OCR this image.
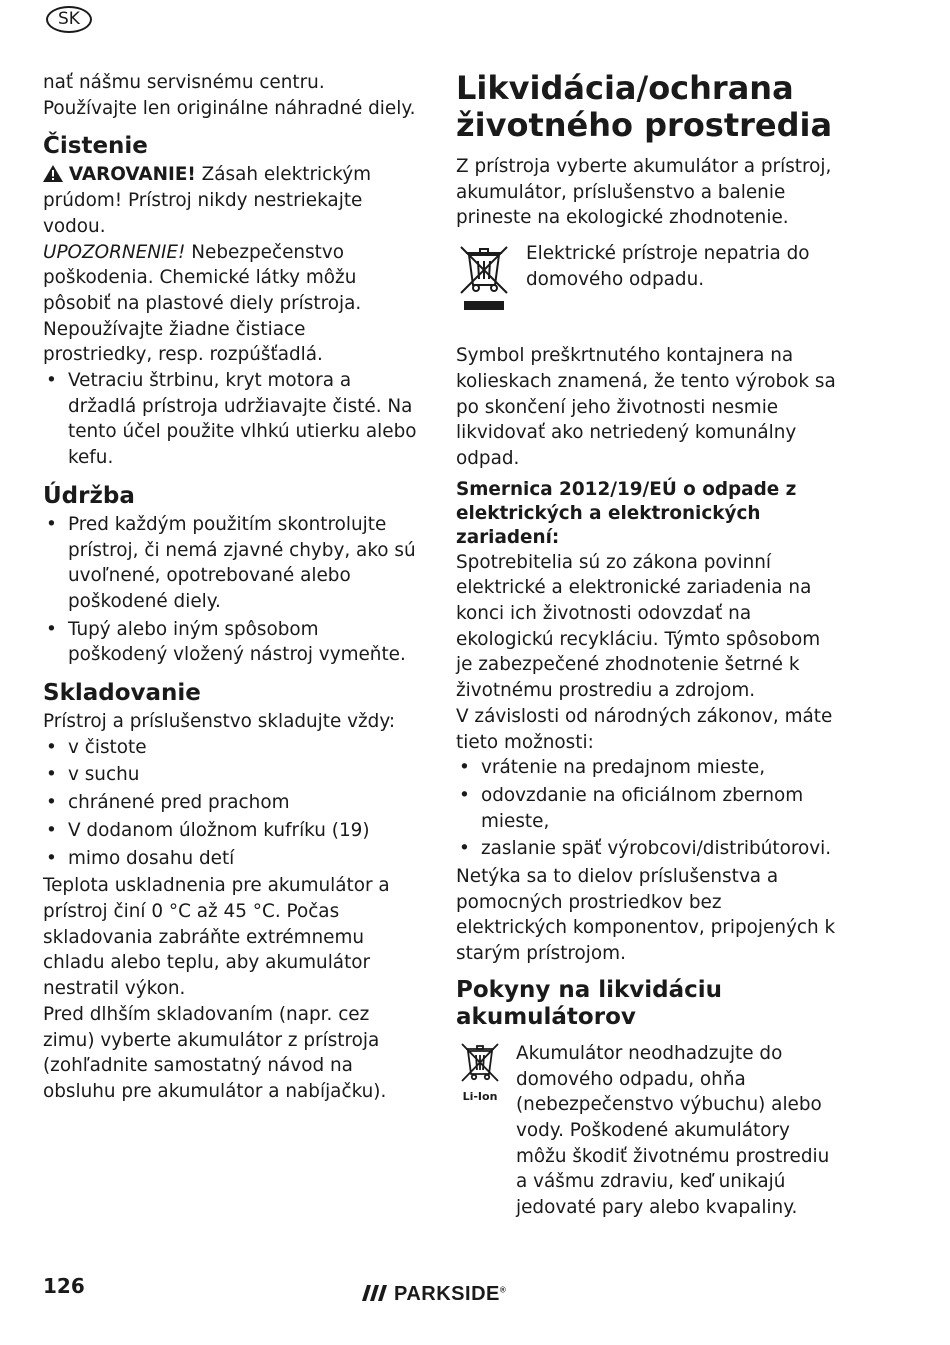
SK

nať nášmu servisnému centru. Používajte len originálne náhradné diely.

Čistenie

VAROVANIE! Zásah elektrickým prúdom! Prístroj nikdy nestriekajte vodou.

UPOZORNENIE! Nebezpečenstvo poškodenia. Chemické látky môžu pôsobiť na plastové diely prístroja. Nepoužívajte žiadne čistiace prostriedky, resp. rozpúšťadlá.

• Vetraciu štrbinu, kryt motora a držadlá prístroja udržiavajte čisté. Na tento účel použite vlhkú utierku alebo kefu.
Údržba
• Pred každým použitím skontrolujte prístroj, či nemá zjavné chyby, ako sú uvoľnené, opotrebované alebo poškodené diely.
• Tupý alebo iným spôsobom poškodený vložený nástroj vymeňte.
Skladovanie

Prístroj a príslušenstvo skladujte vždy:

• v čistote
• v suchu
• chránené pred prachom
• V dodanom úložnom kufríku (19)
• mimo dosahu detí

Teplota uskladnenia pre akumulátor a prístroj činí 0 °C až 45 °C. Počas skladovania zabráňte extrémnemu chladu alebo teplu, aby akumulátor nestratil výkon.

Pred dlhším skladovaním (napr. cez zimu) vyberte akumulátor z prístroja (zohľadnite samostatný návod na obsluhu pre akumulátor a nabíjačku).

Likvidácia/ochrana životného prostredia

Z prístroja vyberte akumulátor a prístroj, akumulátor, príslušenstvo a balenie prineste na ekologické zhodnotenie.

Elektrické prístroje nepatria do domového odpadu.

Symbol preškrtnutého kontajnera na kolieskach znamená, že tento výrobok sa po skončení jeho životnosti nesmie likvidovať ako netriedený komunálny odpad.

Smernica 2012/19/EÚ o odpade z elektrických a elektronických zariadení:

Spotrebitelia sú zo zákona povinní elektrické a elektronické zariadenia na konci ich životnosti odovzdať na ekologickú recykláciu. Týmto spôsobom je zabezpečené zhodnotenie šetrné k životnému prostrediu a zdrojom.

V závislosti od národných zákonov, máte tieto možnosti:

• vrátenie na predajnom mieste,
• odovzdanie na oficiálnom zbernom mieste,
• zaslanie späť výrobcovi/distribútorovi.

Netýka sa to dielov príslušenstva a pomocných prostriedkov bez elektrických komponentov, pripojených k starým prístrojom.

Pokyny na likvidáciu akumulátorov
Li-Ion

Akumulátor neodhadzujte do domového odpadu, ohňa (nebezpečenstvo výbuchu) alebo vody. Poškodené akumulátory môžu škodiť životnému prostrediu a vášmu zdraviu, keď unikajú jedovaté pary alebo kvapaliny.

126	PARKSIDE®
